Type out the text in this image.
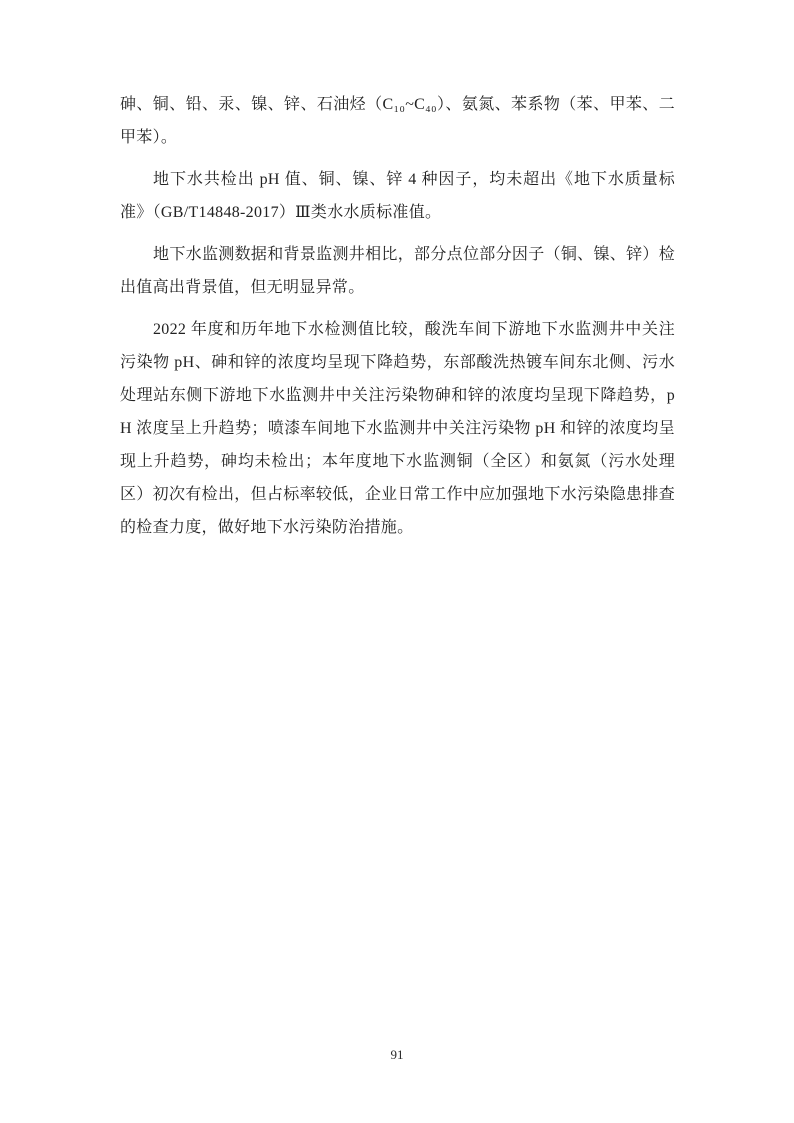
砷、铜、铅、汞、镍、锌、石油烃（C₁₀~C₄₀）、氨氮、苯系物（苯、甲苯、二甲苯）。

地下水共检出 pH 值、铜、镍、锌 4 种因子，均未超出《地下水质量标准》（GB/T14848-2017）Ⅲ类水水质标准值。

地下水监测数据和背景监测井相比，部分点位部分因子（铜、镍、锌）检出值高出背景值，但无明显异常。

2022 年度和历年地下水检测值比较，酸洗车间下游地下水监测井中关注污染物 pH、砷和锌的浓度均呈现下降趋势，东部酸洗热镀车间东北侧、污水处理站东侧下游地下水监测井中关注污染物砷和锌的浓度均呈现下降趋势，pH 浓度呈上升趋势；喷漆车间地下水监测井中关注污染物 pH 和锌的浓度均呈现上升趋势，砷均未检出；本年度地下水监测铜（全区）和氨氮（污水处理区）初次有检出，但占标率较低，企业日常工作中应加强地下水污染隐患排查的检查力度，做好地下水污染防治措施。

91
